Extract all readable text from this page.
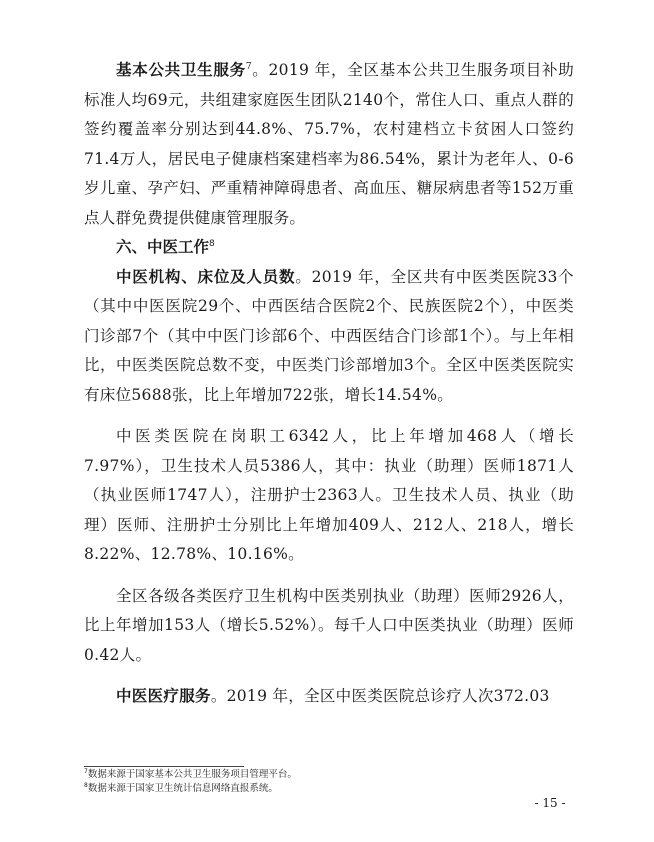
基本公共卫生服务$^7$。2019 年，全区基本公共卫生服务项目补助标准人均69元，共组建家庭医生团队2140个，常住人口、重点人群的签约覆盖率分别达到44.8%、75.7%，农村建档立卡贫困人口签约71.4万人，居民电子健康档案建档率为86.54%，累计为老年人、0-6 岁儿童、孕产妇、严重精神障碍患者、高血压、糖尿病患者等152万重点人群免费提供健康管理服务。

六、中医工作$^8$

中医机构、床位及人员数。2019 年，全区共有中医类医院33个（其中中医医院29个、中西医结合医院2个、民族医院2个），中医类门诊部7个（其中中医门诊部6个、中西医结合门诊部1个）。与上年相比，中医类医院总数不变，中医类门诊部增加3个。全区中医类医院实有床位5688张，比上年增加722张，增长14.54%。

中医类医院在岗职工6342人，比上年增加468人（增长7.97%），卫生技术人员5386人，其中：执业（助理）医师1871人（执业医师1747人），注册护士2363人。卫生技术人员、执业（助理）医师、注册护士分别比上年增加409人、212人、218人，增长8.22%、12.78%、10.16%。

全区各级各类医疗卫生机构中医类别执业（助理）医师2926人，比上年增加153人（增长5.52%）。每千人口中医类执业（助理）医师0.42人。

中医医疗服务。2019 年，全区中医类医院总诊疗人次372.03

$^7$数据来源于国家基本公共卫生服务项目管理平台。
$^8$数据来源于国家卫生统计信息网络直报系统。
- 15 -
